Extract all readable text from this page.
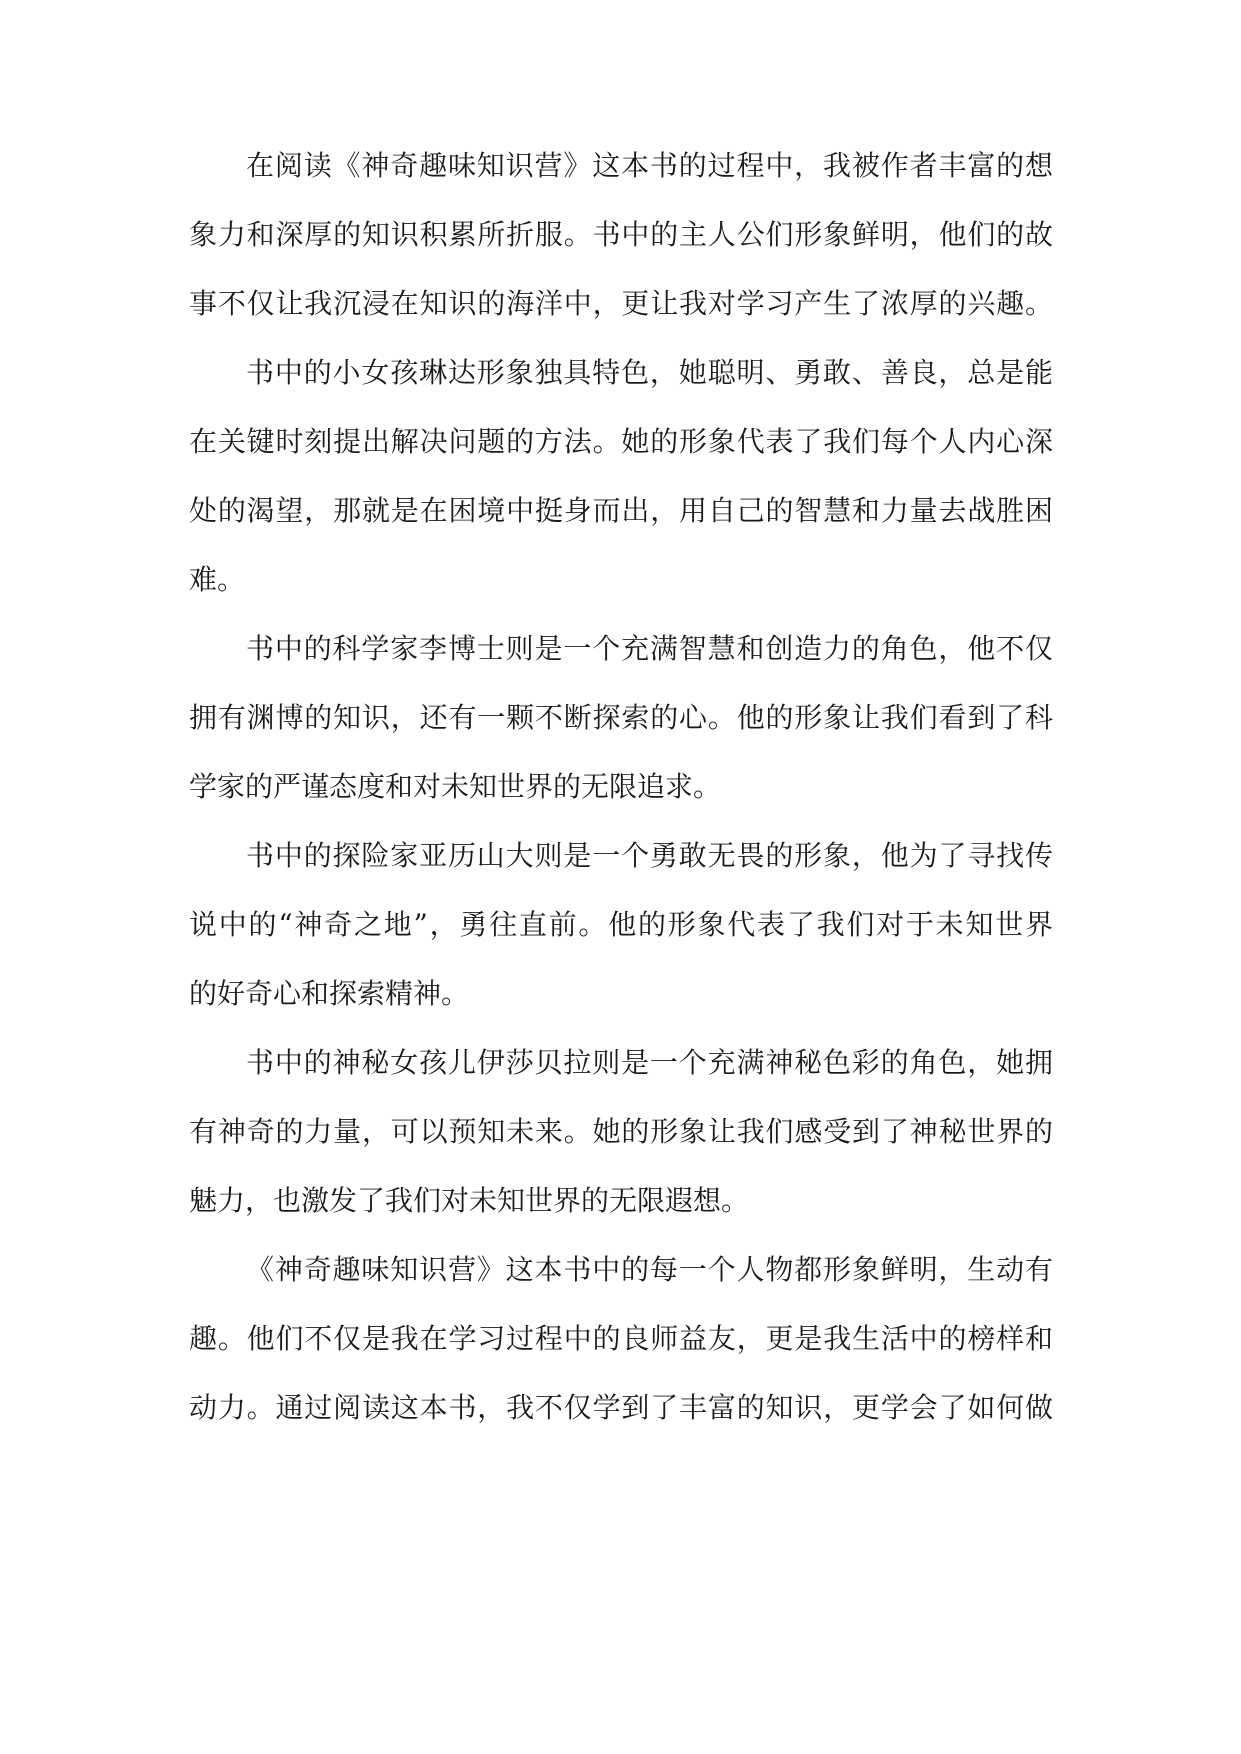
在阅读《神奇趣味知识营》这本书的过程中，我被作者丰富的想
象力和深厚的知识积累所折服。书中的主人公们形象鲜明，他们的故
事不仅让我沉浸在知识的海洋中，更让我对学习产生了浓厚的兴趣。
书中的小女孩琳达形象独具特色，她聪明、勇敢、善良，总是能
在关键时刻提出解决问题的方法。她的形象代表了我们每个人内心深
处的渴望，那就是在困境中挺身而出，用自己的智慧和力量去战胜困
难。
书中的科学家李博士则是一个充满智慧和创造力的角色，他不仅
拥有渊博的知识，还有一颗不断探索的心。他的形象让我们看到了科
学家的严谨态度和对未知世界的无限追求。
书中的探险家亚历山大则是一个勇敢无畏的形象，他为了寻找传
说中的“神奇之地”，勇往直前。他的形象代表了我们对于未知世界
的好奇心和探索精神。
书中的神秘女孩儿伊莎贝拉则是一个充满神秘色彩的角色，她拥
有神奇的力量，可以预知未来。她的形象让我们感受到了神秘世界的
魅力，也激发了我们对未知世界的无限遐想。
《神奇趣味知识营》这本书中的每一个人物都形象鲜明，生动有
趣。他们不仅是我在学习过程中的良师益友，更是我生活中的榜样和
动力。通过阅读这本书，我不仅学到了丰富的知识，更学会了如何做
